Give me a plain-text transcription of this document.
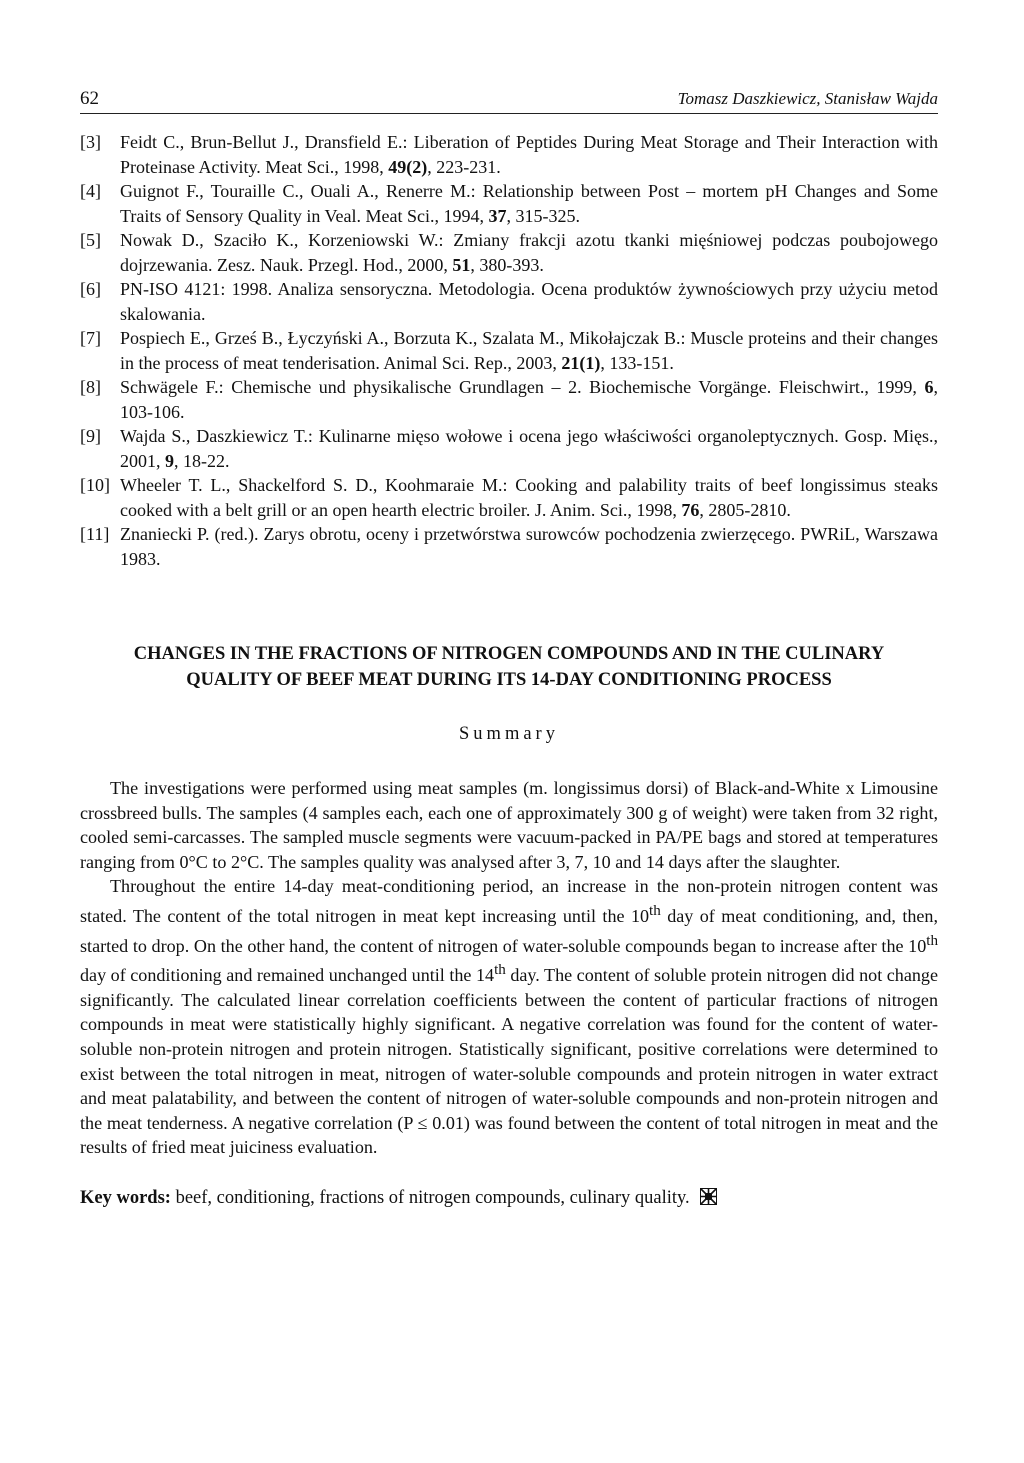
62	Tomasz Daszkiewicz, Stanisław Wajda
[3]	Feidt C., Brun-Bellut J., Dransfield E.: Liberation of Peptides During Meat Storage and Their Interaction with Proteinase Activity. Meat Sci., 1998, 49(2), 223-231.
[4]	Guignot F., Touraille C., Ouali A., Renerre M.: Relationship between Post – mortem pH Changes and Some Traits of Sensory Quality in Veal. Meat Sci., 1994, 37, 315-325.
[5]	Nowak D., Szaciło K., Korzeniowski W.: Zmiany frakcji azotu tkanki mięśniowej podczas poubojowego dojrzewania. Zesz. Nauk. Przegl. Hod., 2000, 51, 380-393.
[6]	PN-ISO 4121: 1998. Analiza sensoryczna. Metodologia. Ocena produktów żywnościowych przy użyciu metod skalowania.
[7]	Pospiech E., Grześ B., Łyczyński A., Borzuta K., Szalata M., Mikołajczak B.: Muscle proteins and their changes in the process of meat tenderisation. Animal Sci. Rep., 2003, 21(1), 133-151.
[8]	Schwägele F.: Chemische und physikalische Grundlagen – 2. Biochemische Vorgänge. Fleischwirt., 1999, 6, 103-106.
[9]	Wajda S., Daszkiewicz T.: Kulinarne mięso wołowe i ocena jego właściwości organoleptycznych. Gosp. Mięs., 2001, 9, 18-22.
[10] Wheeler T. L., Shackelford S. D., Koohmaraie M.: Cooking and palability traits of beef longissimus steaks cooked with a belt grill or an open hearth electric broiler. J. Anim. Sci., 1998, 76, 2805-2810.
[11] Znaniecki P. (red.). Zarys obrotu, oceny i przetwórstwa surowców pochodzenia zwierzęcego. PWRiL, Warszawa 1983.
CHANGES IN THE FRACTIONS OF NITROGEN COMPOUNDS AND IN THE CULINARY QUALITY OF BEEF MEAT DURING ITS 14-DAY CONDITIONING PROCESS
Summary

The investigations were performed using meat samples (m. longissimus dorsi) of Black-and-White x Limousine crossbreed bulls. The samples (4 samples each, each one of approximately 300 g of weight) were taken from 32 right, cooled semi-carcasses. The sampled muscle segments were vacuum-packed in PA/PE bags and stored at temperatures ranging from 0°C to 2°C. The samples quality was analysed after 3, 7, 10 and 14 days after the slaughter.

Throughout the entire 14-day meat-conditioning period, an increase in the non-protein nitrogen content was stated. The content of the total nitrogen in meat kept increasing until the 10th day of meat conditioning, and, then, started to drop. On the other hand, the content of nitrogen of water-soluble compounds began to increase after the 10th day of conditioning and remained unchanged until the 14th day. The content of soluble protein nitrogen did not change significantly. The calculated linear correlation coefficients between the content of particular fractions of nitrogen compounds in meat were statistically highly significant. A negative correlation was found for the content of water-soluble non-protein nitrogen and protein nitrogen. Statistically significant, positive correlations were determined to exist between the total nitrogen in meat, nitrogen of water-soluble compounds and protein nitrogen in water extract and meat palatability, and between the content of nitrogen of water-soluble compounds and non-protein nitrogen and the meat tenderness. A negative correlation (P ≤ 0.01) was found between the content of total nitrogen in meat and the results of fried meat juiciness evaluation.

Key words: beef, conditioning, fractions of nitrogen compounds, culinary quality.
